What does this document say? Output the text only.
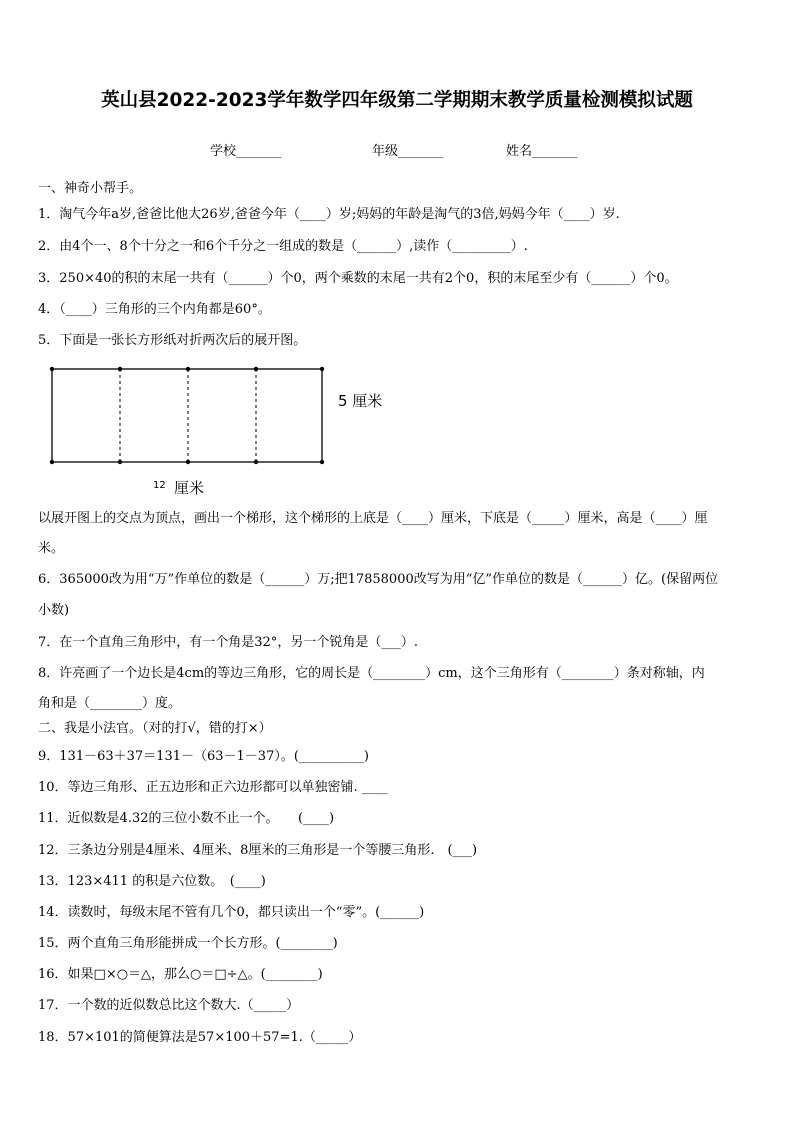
英山县2022-2023学年数学四年级第二学期期末教学质量检测模拟试题
学校_______	年级_______	姓名_______
一、神奇小帮手。
1．淘气今年a岁,爸爸比他大26岁,爸爸今年（____）岁;妈妈的年龄是淘气的3倍,妈妈今年（____）岁.
2．由4个一、8个十分之一和6个千分之一组成的数是（______）,读作（_________）.
3．250×40的积的末尾一共有（______）个0，两个乘数的末尾一共有2个0，积的末尾至少有（______）个0。
4．（____）三角形的三个内角都是60°。
5．下面是一张长方形纸对折两次后的展开图。
5 厘米
12 厘米
以展开图上的交点为顶点，画出一个梯形，这个梯形的上底是（____）厘米，下底是（_____）厘米，高是（____）厘
米。
6．365000改为用“万”作单位的数是（______）万;把17858000改写为用“亿”作单位的数是（______）亿。(保留两位
小数)
7．在一个直角三角形中，有一个角是32°，另一个锐角是（___）.
8．许亮画了一个边长是4cm的等边三角形，它的周长是（________）cm，这个三角形有（________）条对称轴，内
角和是（________）度。
二、我是小法官。（对的打√，错的打×）
9．131－63＋37＝131－（63－1－37）。(__________)
10．等边三角形、正五边形和正六边形都可以单独密铺. ____
11．近似数是4.32的三位小数不止一个。　　(____)
12．三条边分别是4厘米、4厘米、8厘米的三角形是一个等腰三角形.　(___)
13．123×411 的积是六位数。　(____)
14．读数时，每级末尾不管有几个0，都只读出一个“零”。(______)
15．两个直角三角形能拼成一个长方形。(________)
16．如果□×○＝△，那么○＝□÷△。(________)
17．一个数的近似数总比这个数大.（_____）
18．57×101的简便算法是57×100＋57=1.（_____）
